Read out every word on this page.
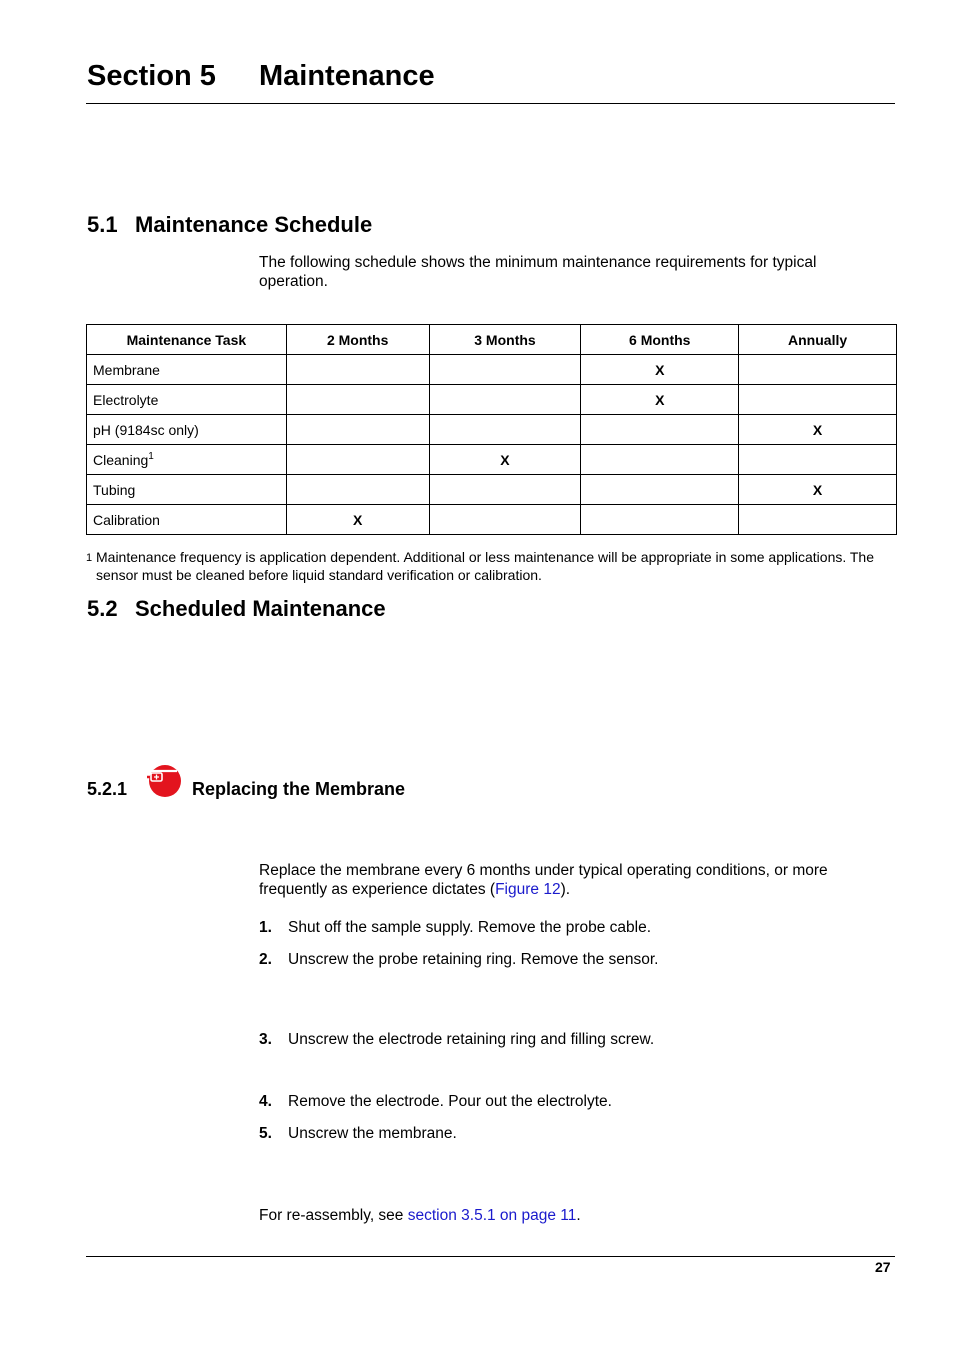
Section 5 Maintenance
5.1 Maintenance Schedule
The following schedule shows the minimum maintenance requirements for typical operation.
Maintenance Task	2 Months	3 Months	6 Months	Annually
Membrane			X	
Electrolyte			X	
pH (9184sc only)				X
Cleaning$^1$		X		
Tubing				X
Calibration	X			
1 Maintenance frequency is application dependent. Additional or less maintenance will be appropriate in some applications. The sensor must be cleaned before liquid standard verification or calibration.
5.2 Scheduled Maintenance
5.2.1	Replacing the Membrane
Replace the membrane every 6 months under typical operating conditions, or more frequently as experience dictates (Figure 12).
1. Shut off the sample supply. Remove the probe cable.
2. Unscrew the probe retaining ring. Remove the sensor.
3. Unscrew the electrode retaining ring and filling screw.
4. Remove the electrode. Pour out the electrolyte.
5. Unscrew the membrane.
For re-assembly, see section 3.5.1 on page 11.
27
